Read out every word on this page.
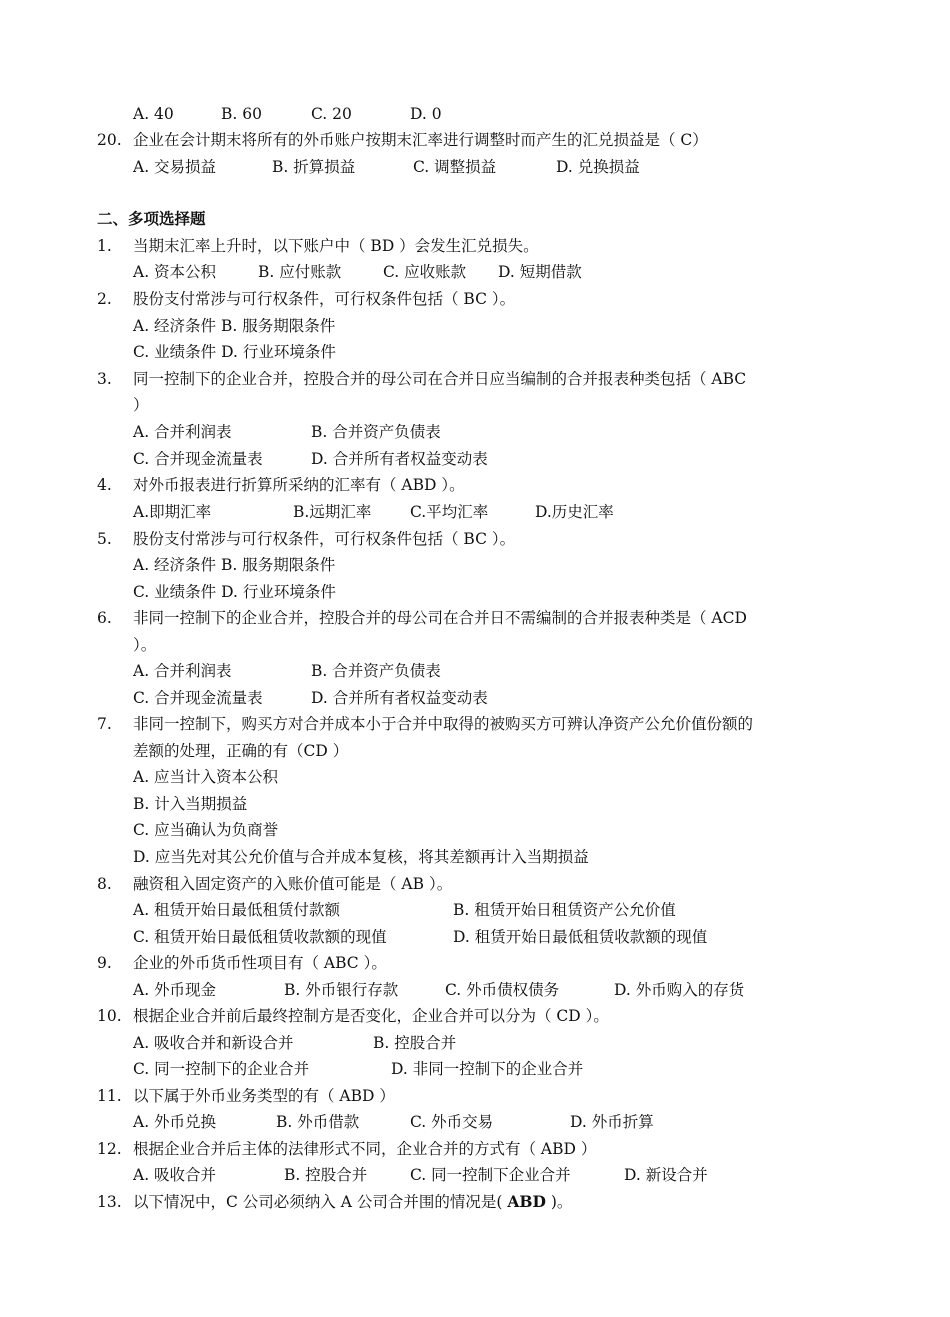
A. 40	B. 60	C. 20	D. 0
20. 企业在会计期末将所有的外币账户按期末汇率进行调整时而产生的汇兑损益是（ C）
A. 交易损益	B. 折算损益	C. 调整损益	D. 兑换损益
二、多项选择题
1. 当期末汇率上升时，以下账户中（ BD ）会发生汇兑损失。
A. 资本公积	B. 应付账款	C. 应收账款 D. 短期借款
2. 股份支付常涉与可行权条件，可行权条件包括（ BC ）。
A. 经济条件 B. 服务期限条件
C. 业绩条件 D. 行业环境条件
3. 同一控制下的企业合并，控股合并的母公司在合并日应当编制的合并报表种类包括（ ABC
）
A. 合并利润表	B. 合并资产负债表
C. 合并现金流量表	D. 合并所有者权益变动表
4. 对外币报表进行折算所采纳的汇率有（ ABD ）。
A.即期汇率	B.远期汇率 C.平均汇率	D.历史汇率
5. 股份支付常涉与可行权条件，可行权条件包括（ BC ）。
A. 经济条件 B. 服务期限条件
C. 业绩条件 D. 行业环境条件
6. 非同一控制下的企业合并，控股合并的母公司在合并日不需编制的合并报表种类是（ ACD
）。
A. 合并利润表	B. 合并资产负债表
C. 合并现金流量表	D. 合并所有者权益变动表
7. 非同一控制下，购买方对合并成本小于合并中取得的被购买方可辨认净资产公允价值份额的
差额的处理，正确的有（CD ）
A. 应当计入资本公积
B. 计入当期损益
C. 应当确认为负商誉
D. 应当先对其公允价值与合并成本复核，将其差额再计入当期损益
8. 融资租入固定资产的入账价值可能是（ AB ）。
A. 租赁开始日最低租赁付款额	B. 租赁开始日租赁资产公允价值
C. 租赁开始日最低租赁收款额的现值	D. 租赁开始日最低租赁收款额的现值
9. 企业的外币货币性项目有（ ABC ）。
A. 外币现金	B. 外币银行存款	C. 外币债权债务	D. 外币购入的存货
10. 根据企业合并前后最终控制方是否变化，企业合并可以分为（ CD ）。
A. 吸收合并和新设合并	B. 控股合并
C. 同一控制下的企业合并	D. 非同一控制下的企业合并
11. 以下属于外币业务类型的有（ ABD ）
A. 外币兑换	B. 外币借款	C. 外币交易	D. 外币折算
12. 根据企业合并后主体的法律形式不同，企业合并的方式有（ ABD ）
A. 吸收合并	B. 控股合并	C. 同一控制下企业合并	D. 新设合并
13. 以下情况中，C 公司必须纳入 A 公司合并围的情况是( ABD )。
